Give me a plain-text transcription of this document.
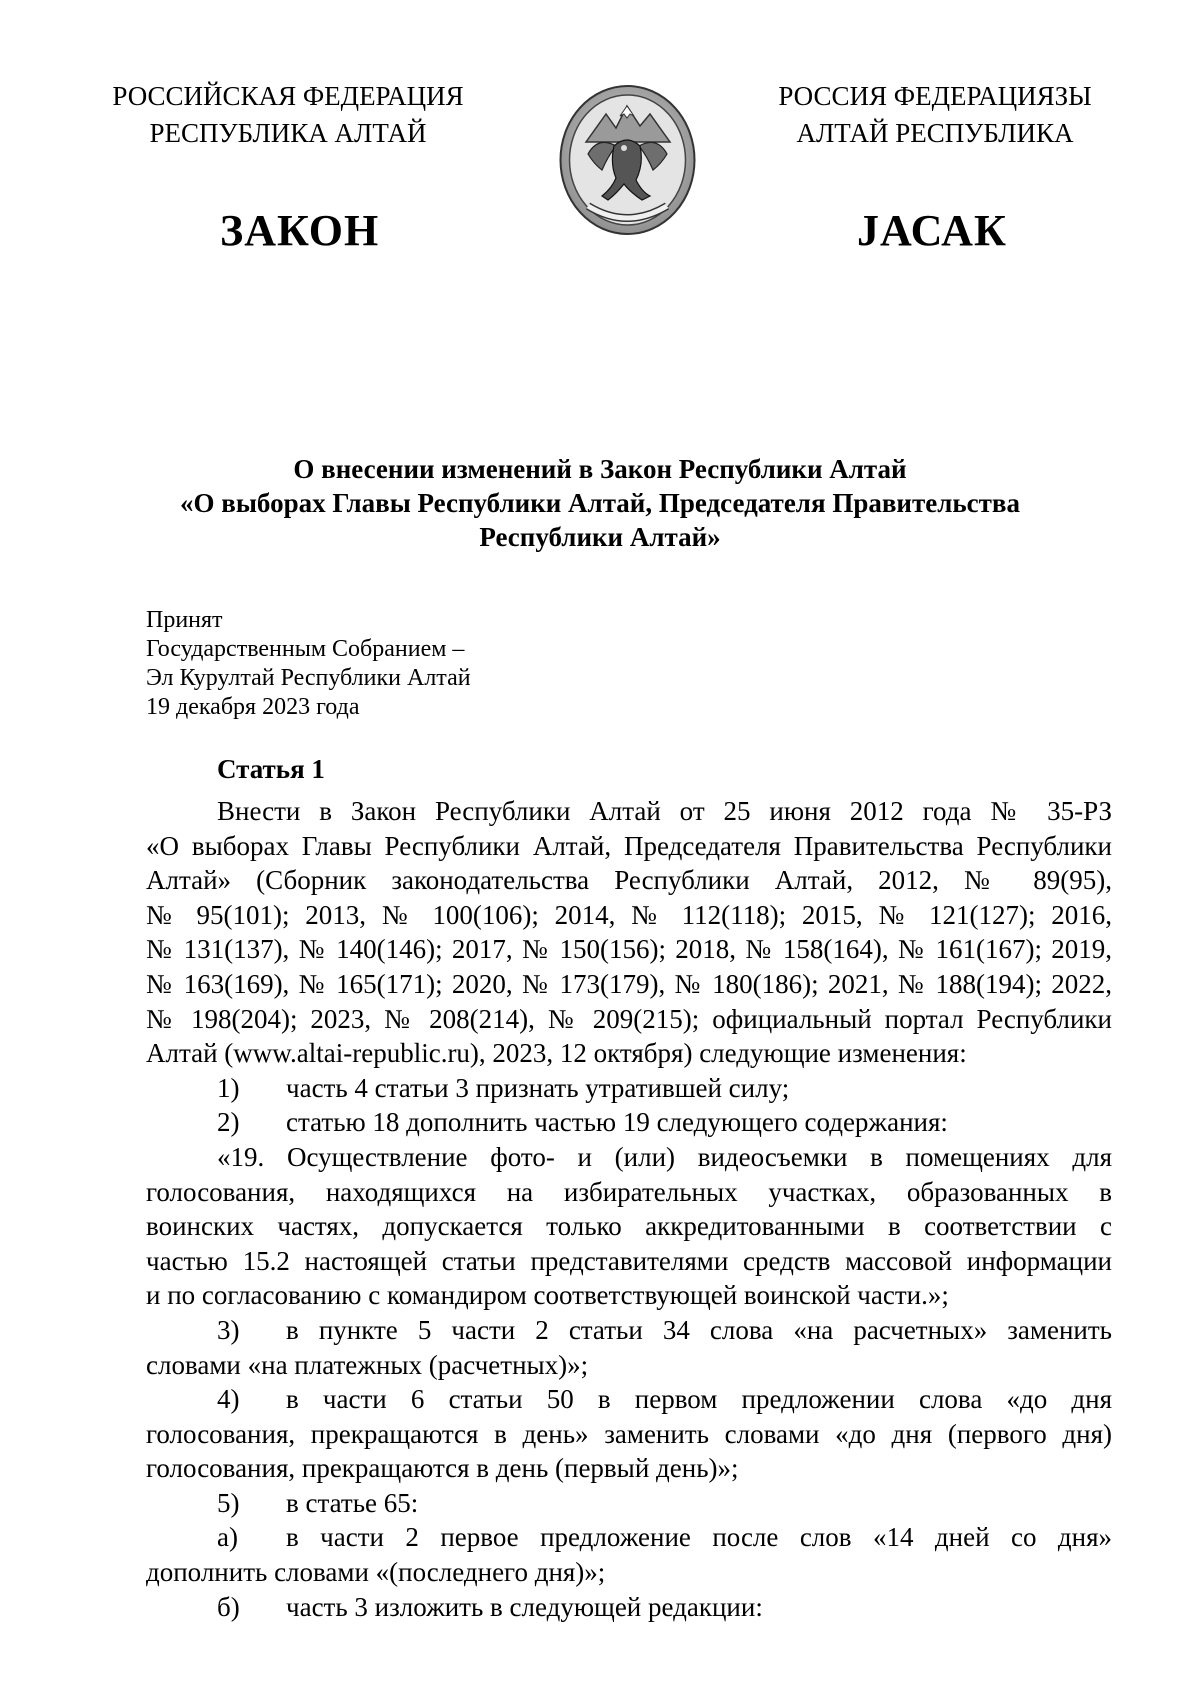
РОССИЙСКАЯ ФЕДЕРАЦИЯ
РЕСПУБЛИКА АЛТАЙ
РОССИЯ ФЕДЕРАЦИЯЗЫ
АЛТАЙ РЕСПУБЛИКА
ЗАКОН	JАСАК
О внесении изменений в Закон Республики Алтай
«О выборах Главы Республики Алтай, Председателя Правительства
Республики Алтай»
Принят
Государственным Собранием –
Эл Курултай Республики Алтай
19 декабря 2023 года
Статья 1
Внести в Закон Республики Алтай от 25 июня 2012 года № 35-РЗ
«О выборах Главы Республики Алтай, Председателя Правительства Республики
Алтай» (Сборник законодательства Республики Алтай, 2012, № 89(95),
№ 95(101); 2013, № 100(106); 2014, № 112(118); 2015, № 121(127); 2016,
№ 131(137), № 140(146); 2017, № 150(156); 2018, № 158(164), № 161(167); 2019,
№ 163(169), № 165(171); 2020, № 173(179), № 180(186); 2021, № 188(194); 2022,
№ 198(204); 2023, № 208(214), № 209(215); официальный портал Республики
Алтай (www.altai-republic.ru), 2023, 12 октября) следующие изменения:
1)	часть 4 статьи 3 признать утратившей силу;
2)	статью 18 дополнить частью 19 следующего содержания:
«19. Осуществление фото- и (или) видеосъемки в помещениях для
голосования, находящихся на избирательных участках, образованных в
воинских частях, допускается только аккредитованными в соответствии с
частью 15.2 настоящей статьи представителями средств массовой информации
и по согласованию с командиром соответствующей воинской части.»;
3)	в пункте 5 части 2 статьи 34 слова «на расчетных» заменить
словами «на платежных (расчетных)»;
4)	в части 6 статьи 50 в первом предложении слова «до дня
голосования, прекращаются в день» заменить словами «до дня (первого дня)
голосования, прекращаются в день (первый день)»;
5)	в статье 65:
а)	в части 2 первое предложение после слов «14 дней со дня»
дополнить словами «(последнего дня)»;
б)	часть 3 изложить в следующей редакции:
